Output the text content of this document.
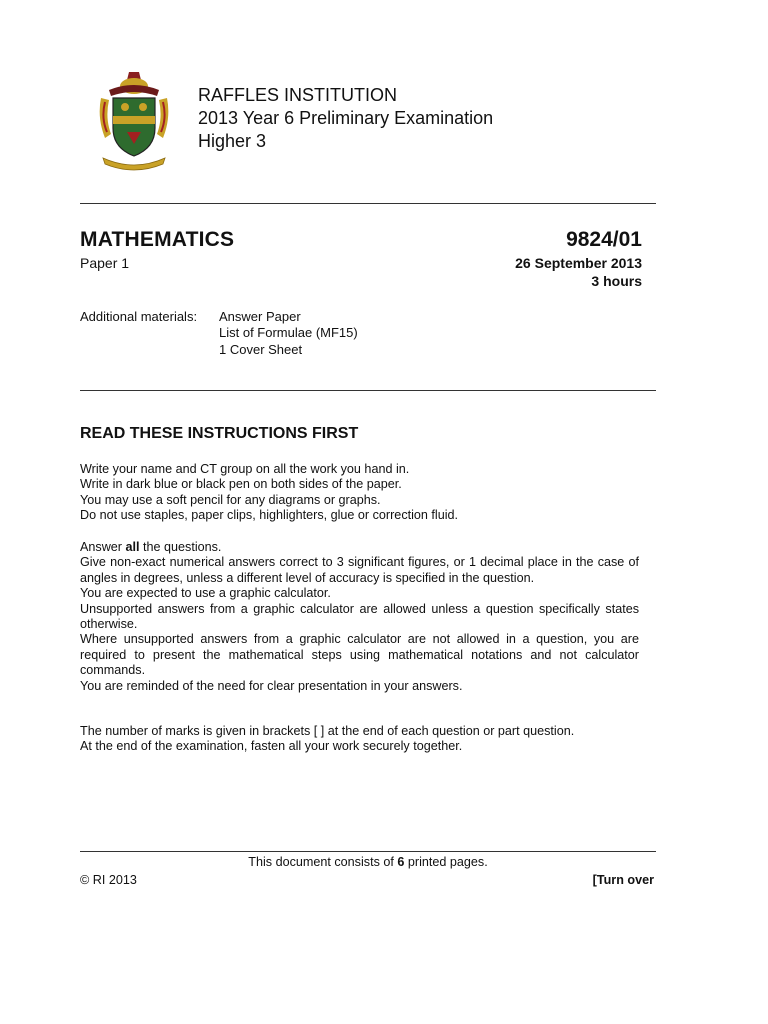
RAFFLES INSTITUTION
2013 Year 6 Preliminary Examination
Higher 3
MATHEMATICS	9824/01
Paper 1	26 September 2013
3 hours
Additional materials: Answer Paper
List of Formulae (MF15)
1 Cover Sheet
READ THESE INSTRUCTIONS FIRST
Write your name and CT group on all the work you hand in.
Write in dark blue or black pen on both sides of the paper.
You may use a soft pencil for any diagrams or graphs.
Do not use staples, paper clips, highlighters, glue or correction fluid.
Answer all the questions.
Give non-exact numerical answers correct to 3 significant figures, or 1 decimal place in the case of angles in degrees, unless a different level of accuracy is specified in the question.
You are expected to use a graphic calculator.
Unsupported answers from a graphic calculator are allowed unless a question specifically states otherwise.
Where unsupported answers from a graphic calculator are not allowed in a question, you are required to present the mathematical steps using mathematical notations and not calculator commands.
You are reminded of the need for clear presentation in your answers.
The number of marks is given in brackets [ ] at the end of each question or part question.
At the end of the examination, fasten all your work securely together.
This document consists of 6 printed pages.
© RI 2013	[Turn over
